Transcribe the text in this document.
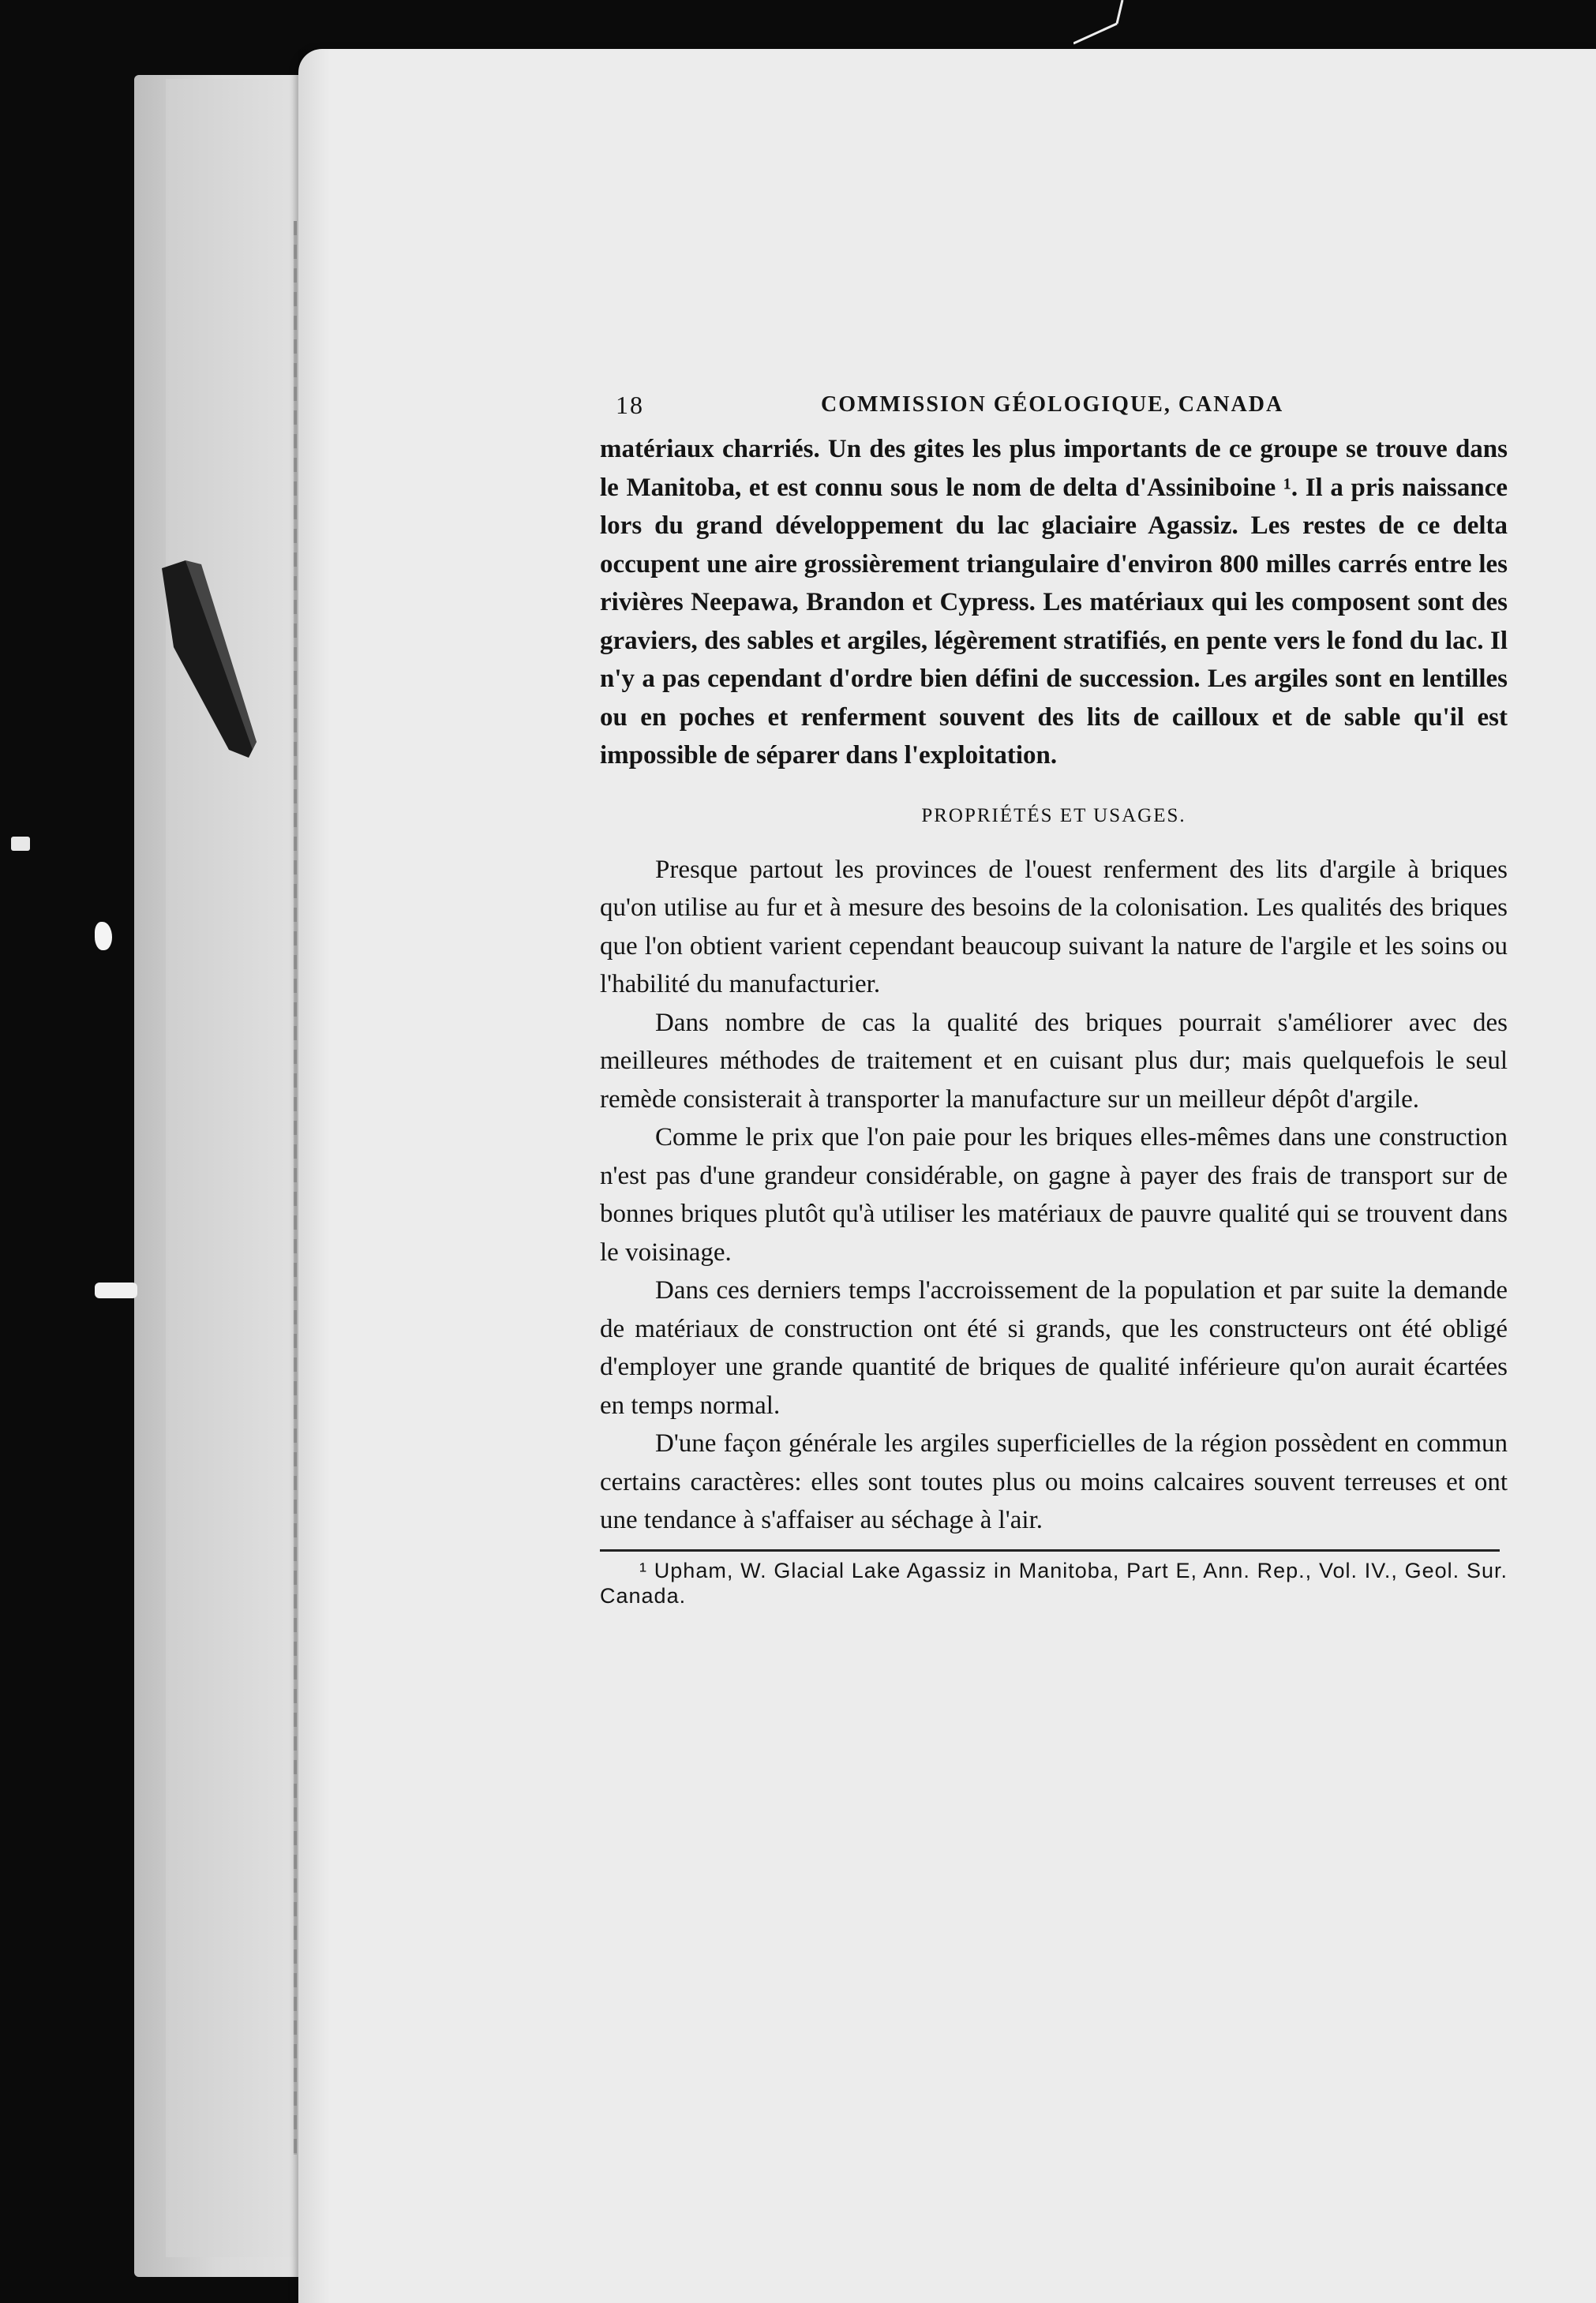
18	COMMISSION GÉOLOGIQUE, CANADA

matériaux charriés. Un des gites les plus importants de ce groupe se trouve dans le Manitoba, et est connu sous le nom de delta d'Assiniboine ¹. Il a pris naissance lors du grand développement du lac glaciaire Agassiz. Les restes de ce delta occupent une aire grossièrement triangulaire d'environ 800 milles carrés entre les rivières Neepawa, Brandon et Cypress. Les matériaux qui les composent sont des graviers, des sables et argiles, légèrement stratifiés, en pente vers le fond du lac. Il n'y a pas cependant d'ordre bien défini de succession. Les argiles sont en lentilles ou en poches et renferment souvent des lits de cailloux et de sable qu'il est impossible de séparer dans l'exploitation.

PROPRIÉTÉS ET USAGES.

Presque partout les provinces de l'ouest renferment des lits d'argile à briques qu'on utilise au fur et à mesure des besoins de la colonisation. Les qualités des briques que l'on obtient varient cependant beaucoup suivant la nature de l'argile et les soins ou l'habilité du manufacturier.

Dans nombre de cas la qualité des briques pourrait s'améliorer avec des meilleures méthodes de traitement et en cuisant plus dur; mais quelquefois le seul remède consisterait à transporter la manufacture sur un meilleur dépôt d'argile.

Comme le prix que l'on paie pour les briques elles-mêmes dans une construction n'est pas d'une grandeur considérable, on gagne à payer des frais de transport sur de bonnes briques plutôt qu'à utiliser les matériaux de pauvre qualité qui se trouvent dans le voisinage.

Dans ces derniers temps l'accroissement de la population et par suite la demande de matériaux de construction ont été si grands, que les constructeurs ont été obligé d'employer une grande quantité de briques de qualité inférieure qu'on aurait écartées en temps normal.

D'une façon générale les argiles superficielles de la région possèdent en commun certains caractères: elles sont toutes plus ou moins calcaires souvent terreuses et ont une tendance à s'affaiser au séchage à l'air.

¹ Upham, W. Glacial Lake Agassiz in Manitoba, Part E, Ann. Rep., Vol. IV., Geol. Sur. Canada.
